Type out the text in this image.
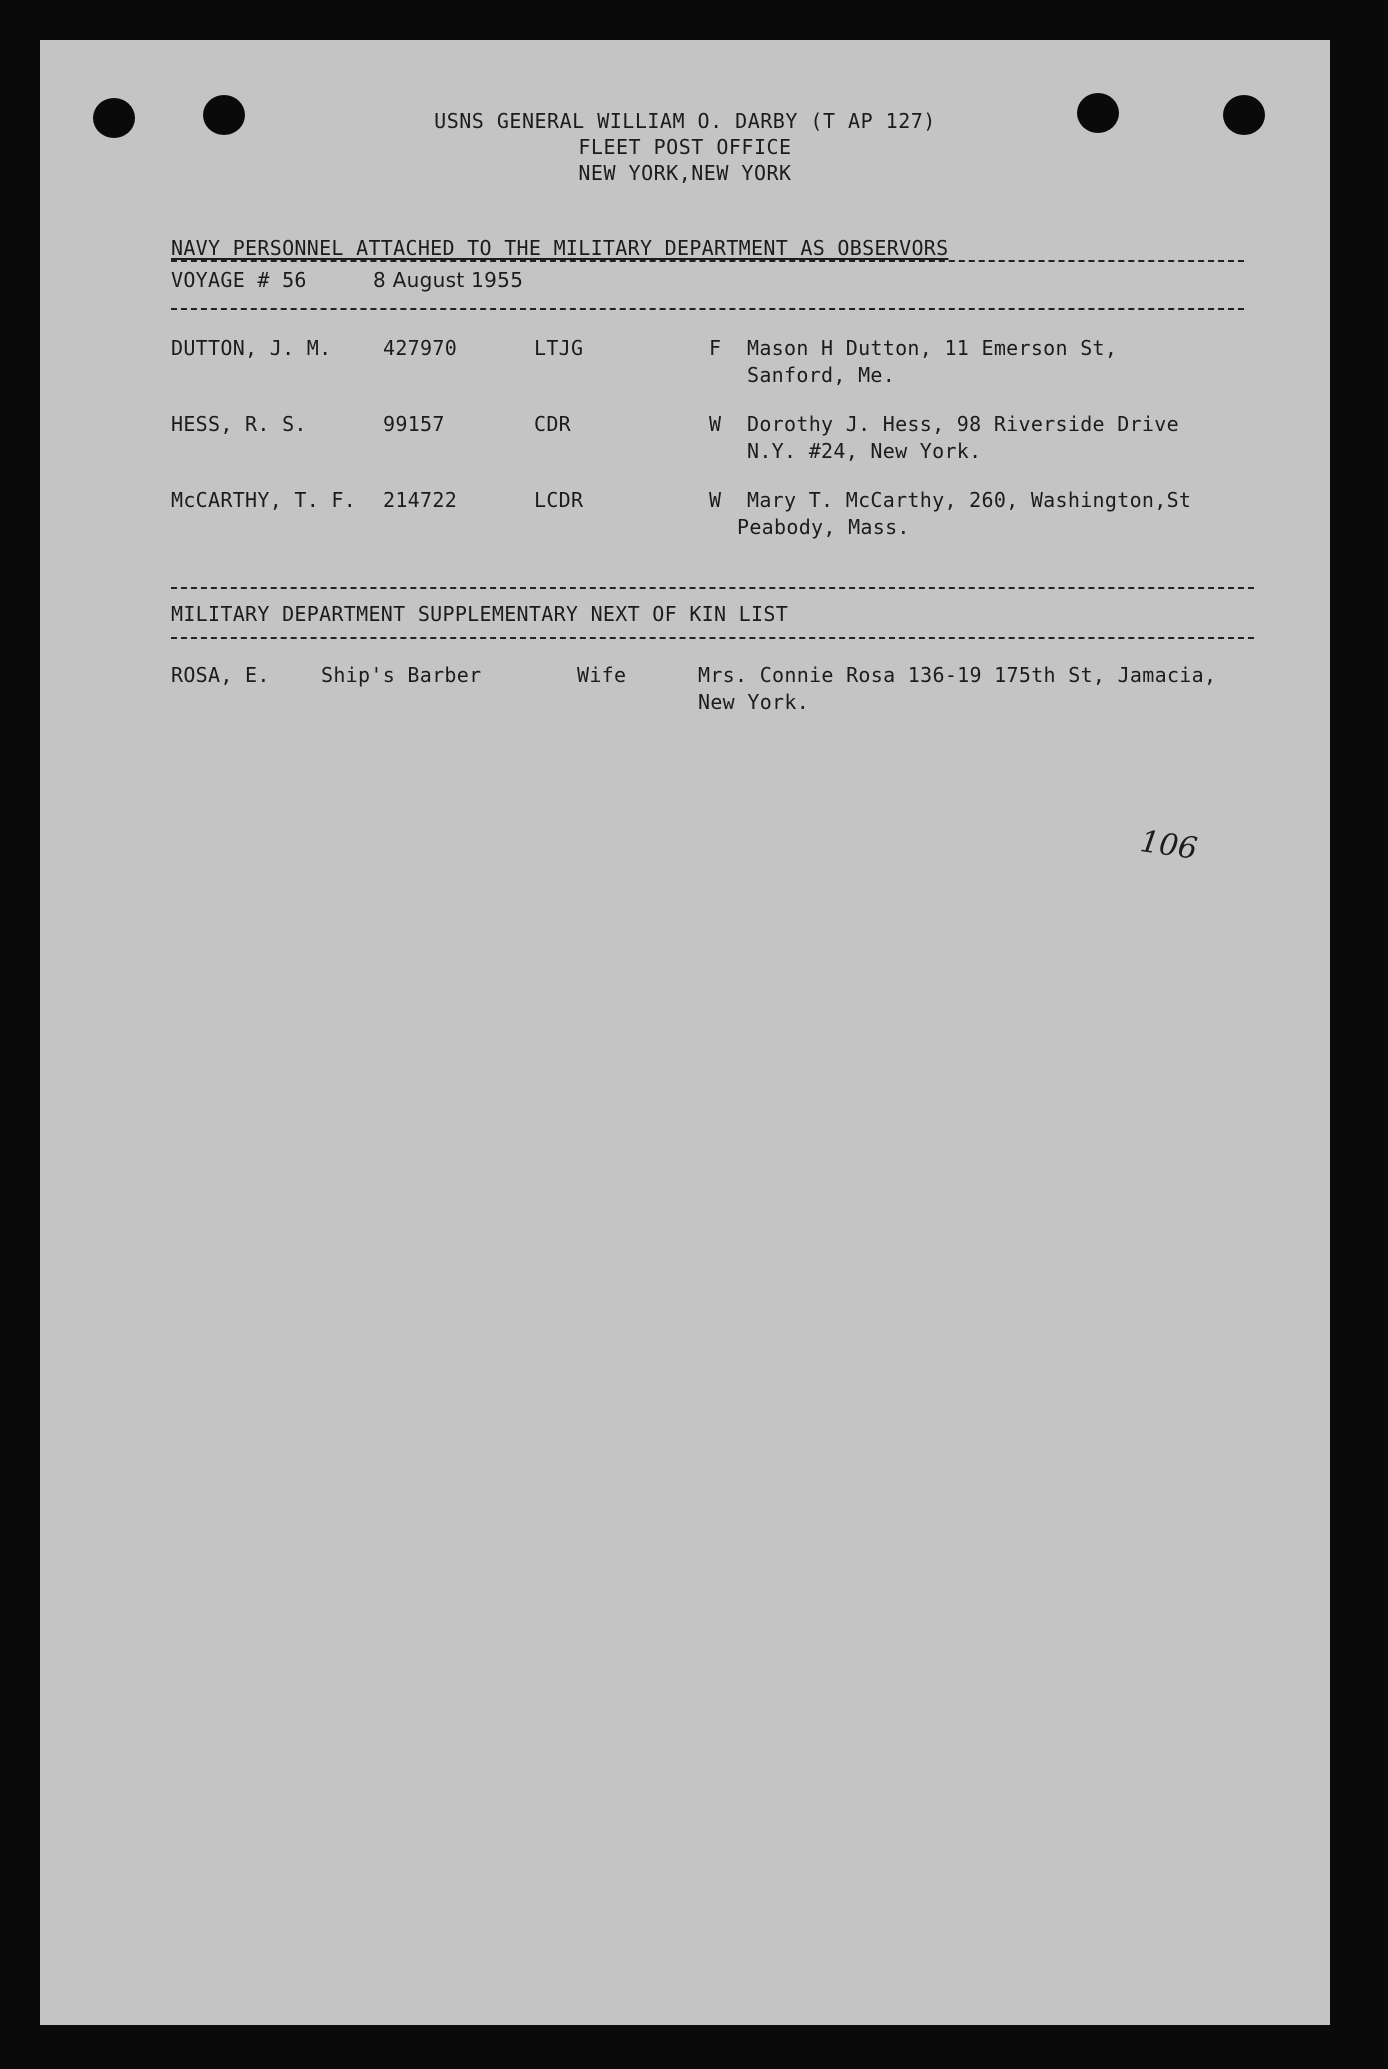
USNS GENERAL WILLIAM O. DARBY (T AP 127)
FLEET POST OFFICE
NEW YORK,NEW YORK
NAVY PERSONNEL ATTACHED TO THE MILITARY DEPARTMENT AS OBSERVORS
VOYAGE # 56	8 August 1955
DUTTON, J. M.	427970	LTJG	F Mason H Dutton, 11 Emerson St,
Sanford, Me.
HESS, R. S.	99157	CDR	W Dorothy J. Hess, 98 Riverside Drive
N.Y. #24, New York.
McCARTHY, T. F. 214722	LCDR	W Mary T. McCarthy, 260, Washington,St
Peabody, Mass.
MILITARY DEPARTMENT SUPPLEMENTARY NEXT OF KIN LIST
ROSA, E.	Ship's Barber	Wife	Mrs. Connie Rosa 136-19 175th St, Jamacia,
New York.
106
